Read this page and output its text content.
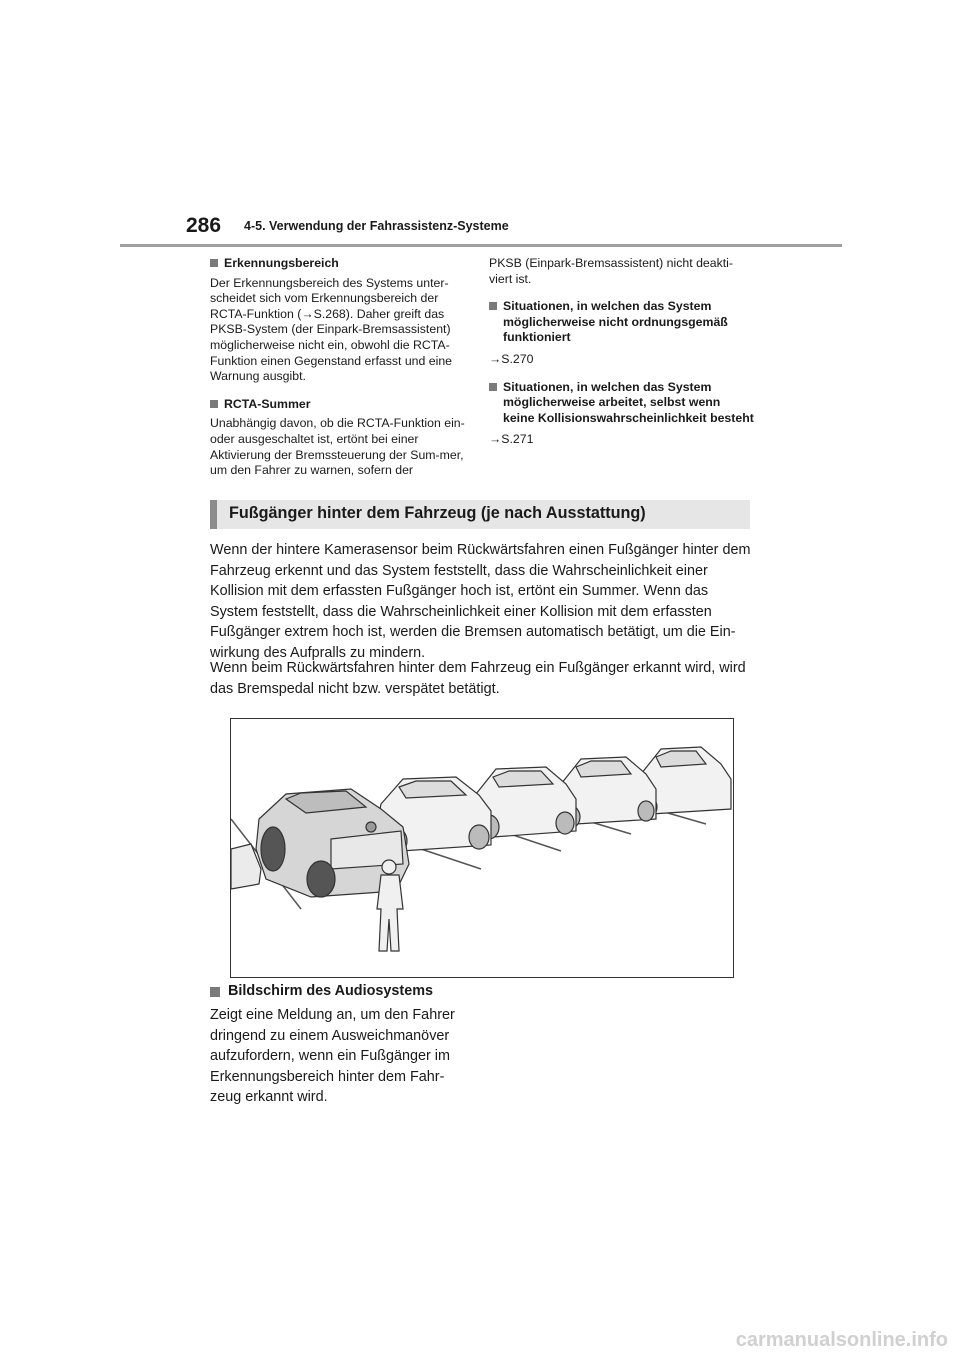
286 4-5. Verwendung der Fahrassistenz-Systeme
Erkennungsbereich
Der Erkennungsbereich des Systems unter-scheidet sich vom Erkennungsbereich der RCTA-Funktion (→S.268). Daher greift das PKSB-System (der Einpark-Bremsassistent) möglicherweise nicht ein, obwohl die RCTA-Funktion einen Gegenstand erfasst und eine Warnung ausgibt.
RCTA-Summer
Unabhängig davon, ob die RCTA-Funktion ein- oder ausgeschaltet ist, ertönt bei einer Aktivierung der Bremssteuerung der Sum-mer, um den Fahrer zu warnen, sofern der
PKSB (Einpark-Bremsassistent) nicht deakti-viert ist.
Situationen, in welchen das System möglicherweise nicht ordnungsgemäß funktioniert
→S.270
Situationen, in welchen das System möglicherweise arbeitet, selbst wenn keine Kollisionswahrscheinlichkeit besteht
→S.271
Fußgänger hinter dem Fahrzeug (je nach Ausstattung)
Wenn der hintere Kamerasensor beim Rückwärtsfahren einen Fußgänger hinter dem Fahrzeug erkennt und das System feststellt, dass die Wahrscheinlichkeit einer Kollision mit dem erfassten Fußgänger hoch ist, ertönt ein Summer. Wenn das System feststellt, dass die Wahrscheinlichkeit einer Kollision mit dem erfassten Fußgänger extrem hoch ist, werden die Bremsen automatisch betätigt, um die Ein-wirkung des Aufpralls zu mindern.
Wenn beim Rückwärtsfahren hinter dem Fahrzeug ein Fußgänger erkannt wird, wird das Bremspedal nicht bzw. verspätet betätigt.
Bildschirm des Audiosystems
Zeigt eine Meldung an, um den Fahrer dringend zu einem Ausweichmanöver aufzufordern, wenn ein Fußgänger im Erkennungsbereich hinter dem Fahr-zeug erkannt wird.
carmanualsonline.info
